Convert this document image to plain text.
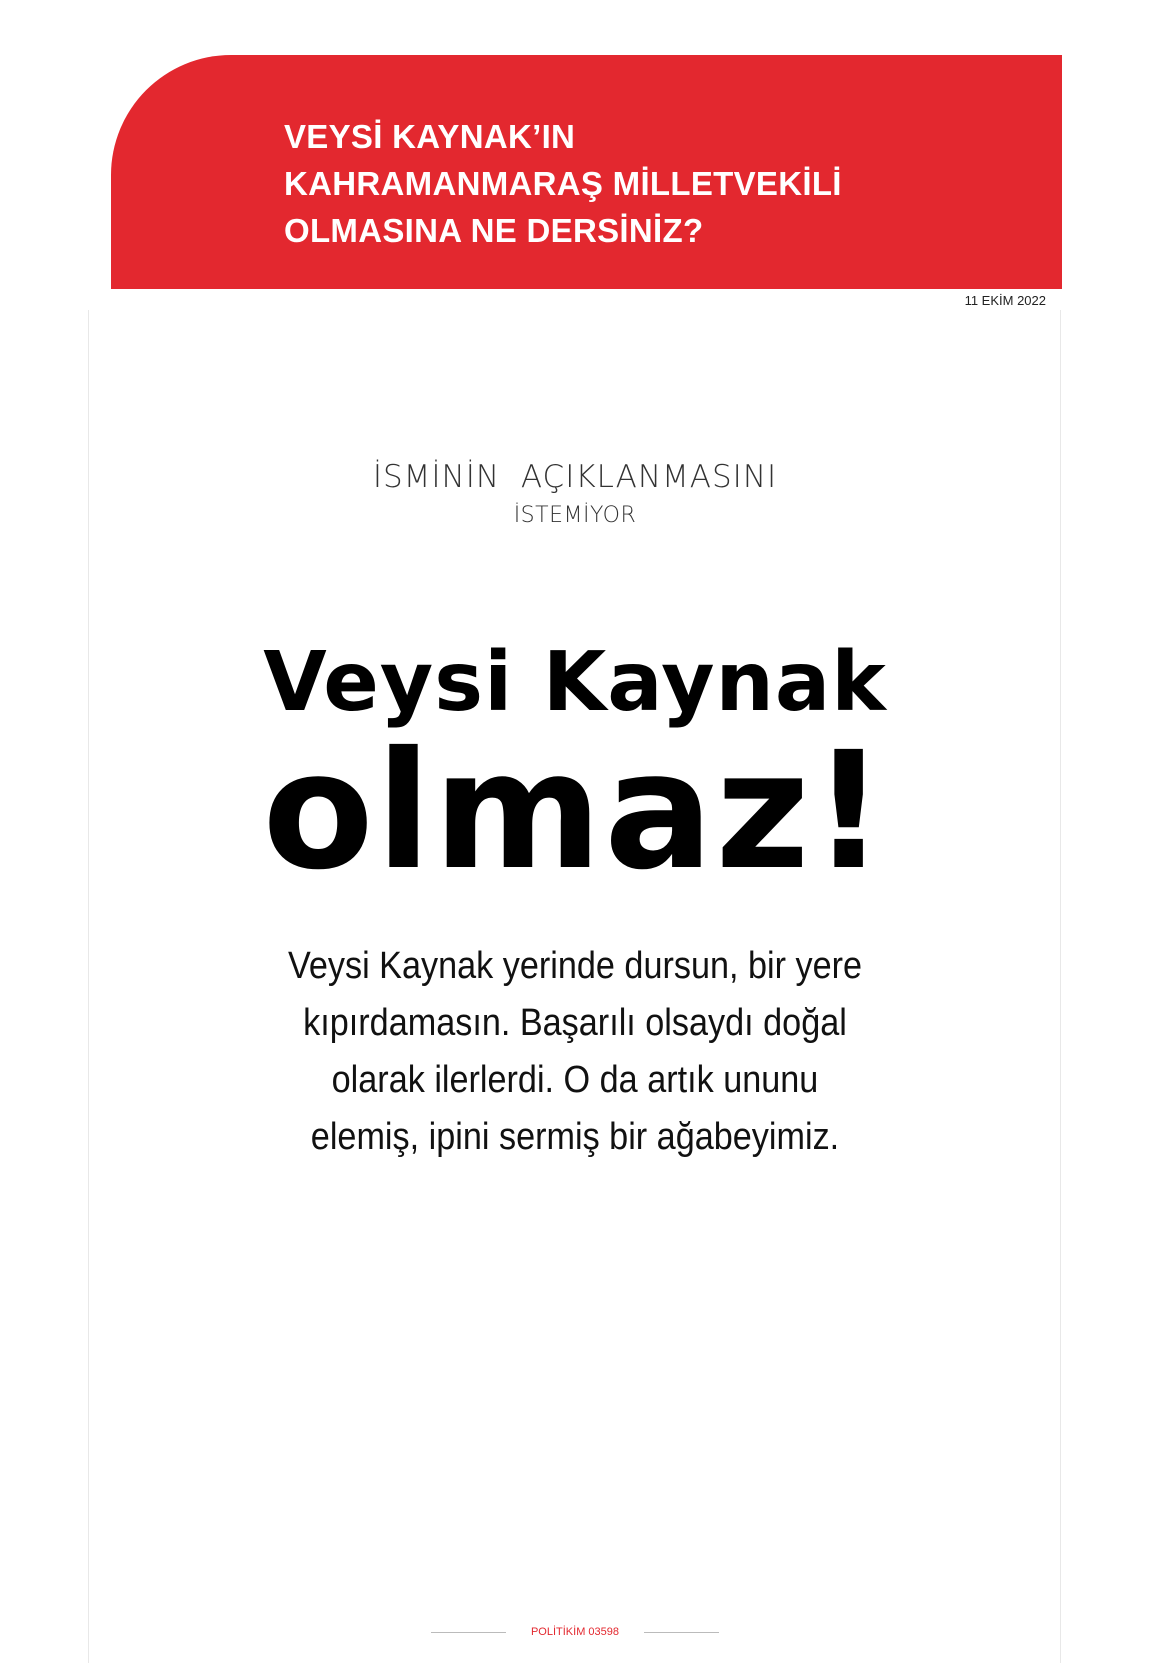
VEYSİ KAYNAK’IN
KAHRAMANMARAŞ MİLLETVEKİLİ
OLMASINA NE DERSİNİZ?
11 EKİM 2022
İSMİNİN AÇIKLANMASINI
İSTEMİYOR
Veysi Kaynak
olmaz!

Veysi Kaynak yerinde dursun, bir yere
kıpırdamasın. Başarılı olsaydı doğal
olarak ilerlerdi. O da artık ununu
elemiş, ipini sermiş bir ağabeyimiz.

POLİTİKİM 03598
